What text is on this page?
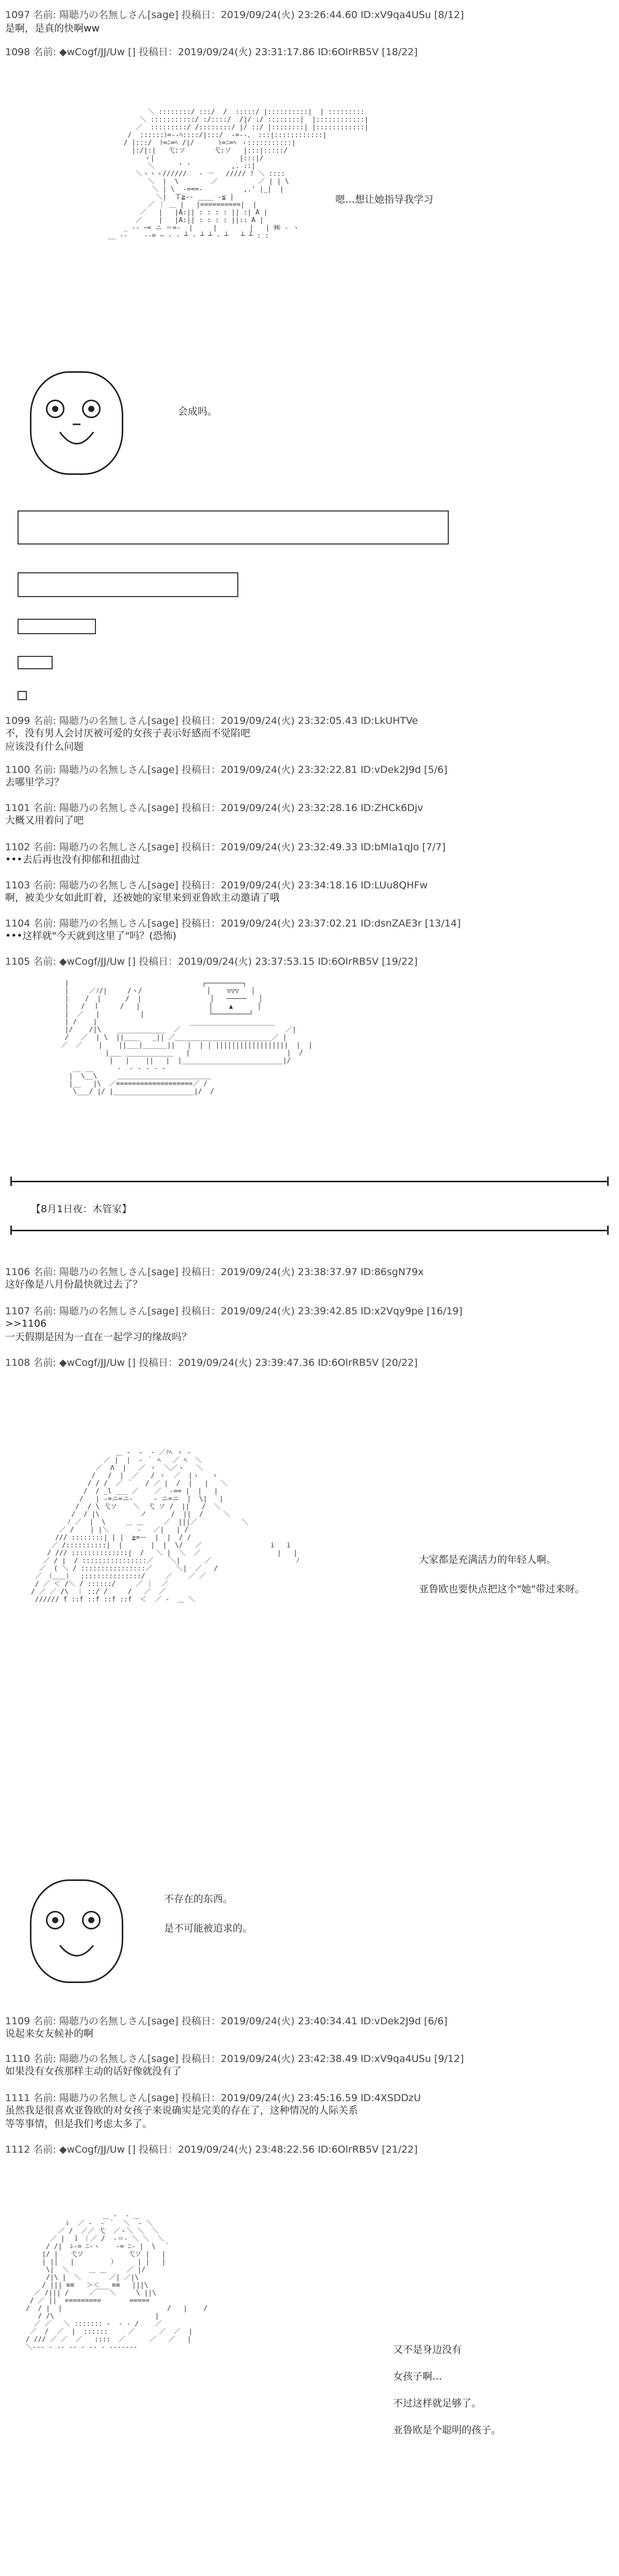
1097 名前: 陽聴乃の名無しさん[sage] 投稿日：2019/09/24(火) 23:26:44.60 ID:xV9qa4USu [8/12]
是啊，是真的快啊ww
1098 名前: ◆wCogf/JJ/Uw [] 投稿日：2019/09/24(火) 23:31:17.86 ID:6OlrRB5V [18/22]
＼ ::::::::/ :::/  /  :::::/ |::::::::::|  | :::::::::
＼ :::::::::::/ :/::::/  /|/ :/ ::::::::|  |::::::::::::|
／  :::::::::/ /::::::::/ |/ ::/ |::::::::| |::::::::::::|
/  ::::::ﾄ=‐-ﾍ::::/|:::/  ‐=‐-、 :::|::::::::::::|
/ |:::/  ﾄ=ﾆ=ﾍ /|/      ﾄ=ﾆ=ﾍ ヽ:::::::::::|
|:/|:|   弋:ソ       弋:ソ   |:::|:::::/
ヽ|                     |:::|/
＼      ' '          ,. ::|
＼ヽヽヽ//////   ‐ 一   ///// ! ＼ ::::
＼  |  \        ／          ／ | | \
＼ | \  ‐===‐          ,.' |_|  |
＼|  Ｔ≧‐- ____ ‐≦ |
／ ｜ ＿ |   |==========|  |
／   |   |A:|| : : : : || :| A |
／    |   |A:|| : : : : ||:: A |
_ -‐ ｰ= ニ ＝=‐  |     |        |   | ㈱ ‐ ヽ
__ -‐    --= ― ‐ ‐ ┴ ‐ ┴ ┴ ‐ ┴   ┴ ┴ : :
嗯…想让她指导我学习
会成吗。
1099 名前: 陽聴乃の名無しさん[sage] 投稿日：2019/09/24(火) 23:32:05.43 ID:LkUHTVe
不，没有男人会讨厌被可爱的女孩子表示好感而不觉陷吧
应该没有什么问题
1100 名前: 陽聴乃の名無しさん[sage] 投稿日：2019/09/24(火) 23:32:22.81 ID:vDek2J9d [5/6]
去哪里学习？
1101 名前: 陽聴乃の名無しさん[sage] 投稿日：2019/09/24(火) 23:32:28.16 ID:ZHCk6Djv
大概又用着问了吧
1102 名前: 陽聴乃の名無しさん[sage] 投稿日：2019/09/24(火) 23:32:49.33 ID:bMla1qJo [7/7]
•••去后再也没有抑郁和扭曲过
1103 名前: 陽聴乃の名無しさん[sage] 投稿日：2019/09/24(火) 23:34:18.16 ID:LUu8QHFw
啊，被美少女如此盯着，还被她的家里来到亚鲁欧主动邀请了哦
1104 名前: 陽聴乃の名無しさん[sage] 投稿日：2019/09/24(火) 23:37:02.21 ID:dsnZAE3r [13/14]
•••这样就"今天就到这里了"吗？(恐怖)
1105 名前: ◆wCogf/JJ/Uw [] 投稿日：2019/09/24(火) 23:37:53.15 ID:6OlrRB5V [19/22]
|                                 ┌─────────┐
|     ／ﾉ/|     /ヽ/                │    ▽▽▽   │
|    /  |      /  |                 │   ─────   │
|   /  ｌ     /   |                 │    ▲      │
|  ／   |          |                └─────────┘
| /    |                       _____________________
|/    /|\    ____________  ／                          ／|
/   ／  | \  ||____   _|| ／________________________／ |
／  ／    |    ||___|______||   |  | | ||||||||||||||||||  |  |
|___ ____________   |                        |  /
|   |    ||   |  |_________________________|/
__ __      ‐  ‐ ‐ ‐ ‐ ‐
|  \__\     ＿＿＿＿＿＿＿＿＿＿＿＿＿＿
|__   |\  ／===================／ /
\___/ |/ |____________________|/  /
【8月1日夜：木管家】
1106 名前: 陽聴乃の名無しさん[sage] 投稿日：2019/09/24(火) 23:38:37.97 ID:86sgN79x
这好像是八月份最快就过去了？
1107 名前: 陽聴乃の名無しさん[sage] 投稿日：2019/09/24(火) 23:39:42.85 ID:x2Vqy9pe [16/19]
>>1106
一天假期是因为一直在一起学习的缘故吗？
1108 名前: ◆wCogf/JJ/Uw [] 投稿日：2019/09/24(火) 23:39:47.36 ID:6OlrRB5V [20/22]
＿ ‐  ‐  ‐ ／ﾉﾍ ヽ ‐
／ |  |  ‐ ｀ ﾍ   ／ ﾍ  ＼
／  Λ  |   ／ ヽ  ＼／ヽ   ＼
/   /  |  ／   / ヽ  ／  |ヽ   ヽ
/ / /  ／ ｀   / ／ |  /  |   |   ＼
/  / _l ___ ／    ／  ‐== |  |   |
/   | ‐=ニ=ニ‐     ‐ ニ=ニ  |  \|   |
/  / \ 弋ソ    ＼  弋 ソ /  ||   /  ＼
/  / |\          ノ      /  ||  /     ＼
ﾉ ／  |  \     ＿ ＿     ／  |||／           ＼
／ /    | |＼       ‐   ／|   | /
/// ::::::::| | |  ≧=ー  |  |  / /
／ /::::::::::|  |       |  |  \/   ／                 i   i
/ /// ::::::::::::::|  /   ＼ |  ＼  ／                   |   |
／ / |  / ::::::::::::::::／    ＼|      ／                     ﾉ
／  ( ＼ / ::::::::::::::::／      ＼|  ／   /
／ （＿＿）  :::::::::::::::/     ／    ／ ／
/ ／ ＜ /＼ / ::::::/     ／ ｜  ／
/ ／ ／ /\  ｜ ::/ /     /   ／  ／
////// f ::f ::f ::f ::f  ＜  ／ ‐  ＿ ＼
大家都是充满活力的年轻人啊。
亚鲁欧也要快点把这个"她"带过来呀。
不存在的东西。
是不可能被追求的。
1109 名前: 陽聴乃の名無しさん[sage] 投稿日：2019/09/24(火) 23:40:34.41 ID:vDek2J9d [6/6]
说起来女友候补的啊
1110 名前: 陽聴乃の名無しさん[sage] 投稿日：2019/09/24(火) 23:42:38.49 ID:xV9qa4USu [9/12]
如果没有女孩那样主动的话好像就没有了
1111 名前: 陽聴乃の名無しさん[sage] 投稿日：2019/09/24(火) 23:45:16.59 ID:4XSDDzU
虽然我是很喜欢亚鲁欧的对女孩子来说确实是完美的存在了，这种情况的人际关系
等等事情，但是我们考虑太多了。
1112 名前: ◆wCogf/JJ/Uw [] 投稿日：2019/09/24(火) 23:48:22.56 ID:6OlrRB5V [21/22]
＿ ‐  ‐ ＿
ﾚ  ／ ‐  ‐ ｀  ＼  ‐ ＼
／ /  ／／ 弋  ／ヽ＼ ＼  ＼
／ |  ｌ ｜／ /  ‐＝‐ ＼ ＼  ＼
/ /|  ﾚ‐= ﾆ‐ヽ    ‐= ﾆ‐ |  \  ｀
|/ |   弋ソ           弋ソ |   |
| ||   |         ）     | |   |
\|  ＼     ＿ ＿     ／ |/
/|\ |  ＼       ／| ／|\
/ ||| ≡≡   ＞＜   ≡≡   |||\
／ /||| /     ／￣￣＼     \ ||\
/ ／ ||  =========       =====
/  / |  |                          /   |    /
/ /\                         |
／ ／   ＼ ::::::: ‐  ‐ ‐ /    ／
／  /  ／  |  ::::::     ／      ／  ／  |
/ /// ／ ／  ／   ::::  ／      ／   ／   |
＼‐‐‐ - ‐‐ ‐‐ ‐ ‐‐ ‐ ‐‐‐‐‐‐‐	又不是身边没有
女孩子啊…
不过这样就足够了。
亚鲁欧是个聪明的孩子。
